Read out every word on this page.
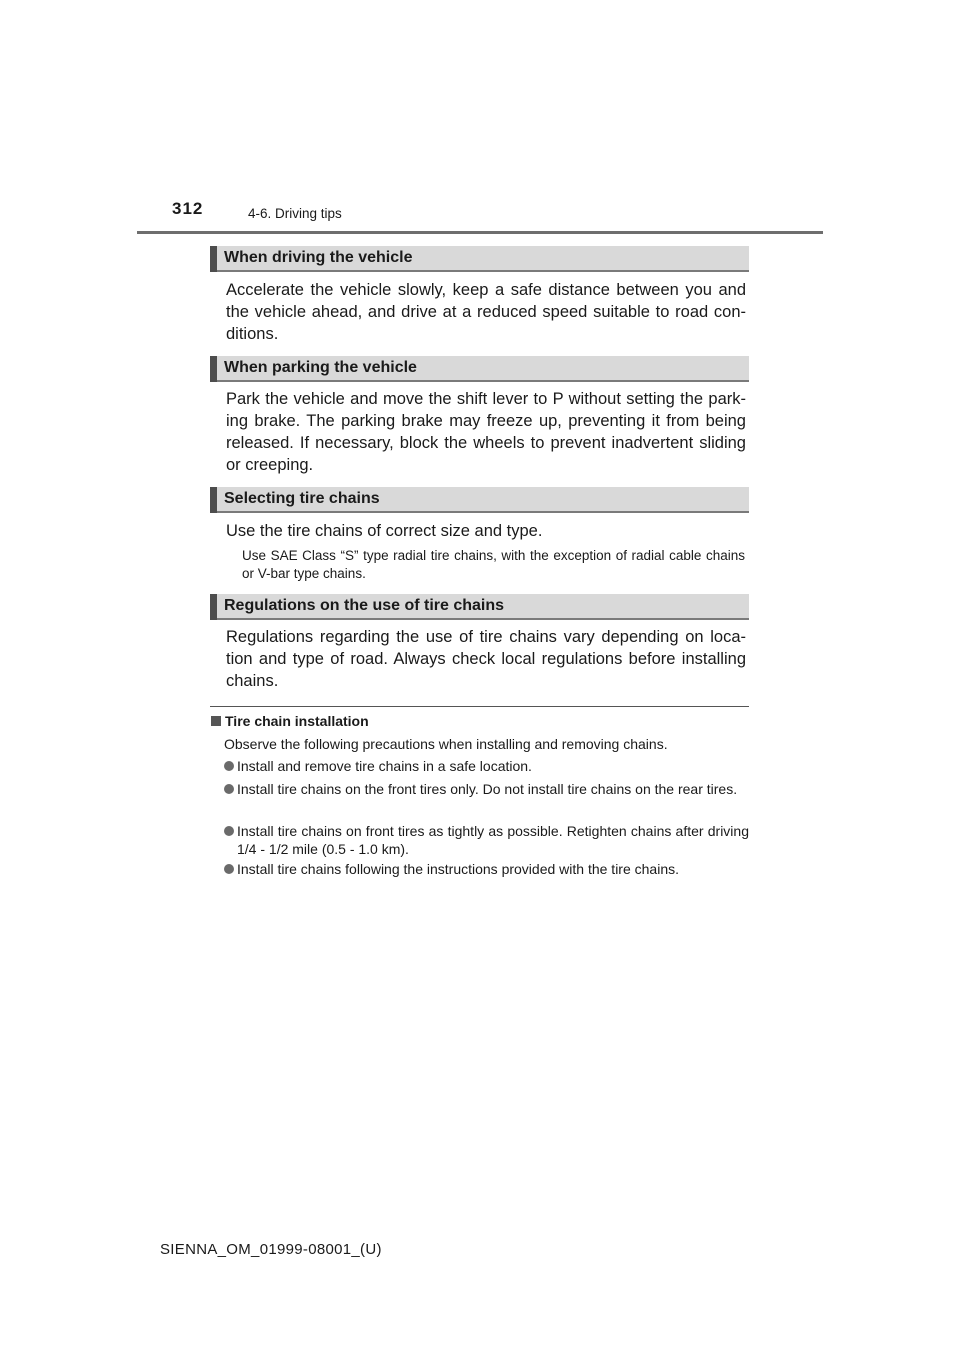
312	4-6. Driving tips
When driving the vehicle
Accelerate the vehicle slowly, keep a safe distance between you and the vehicle ahead, and drive at a reduced speed suitable to road con-ditions.
When parking the vehicle
Park the vehicle and move the shift lever to P without setting the park-ing brake. The parking brake may freeze up, preventing it from being released. If necessary, block the wheels to prevent inadvertent sliding or creeping.
Selecting tire chains
Use the tire chains of correct size and type.
Use SAE Class “S” type radial tire chains, with the exception of radial cable chains or V-bar type chains.
Regulations on the use of tire chains
Regulations regarding the use of tire chains vary depending on loca-tion and type of road. Always check local regulations before installing chains.
Tire chain installation
Observe the following precautions when installing and removing chains.
Install and remove tire chains in a safe location.
Install tire chains on the front tires only. Do not install tire chains on the rear tires.
Install tire chains on front tires as tightly as possible. Retighten chains after driving 1/4 - 1/2 mile (0.5 - 1.0 km).
Install tire chains following the instructions provided with the tire chains.
SIENNA_OM_01999-08001_(U)
